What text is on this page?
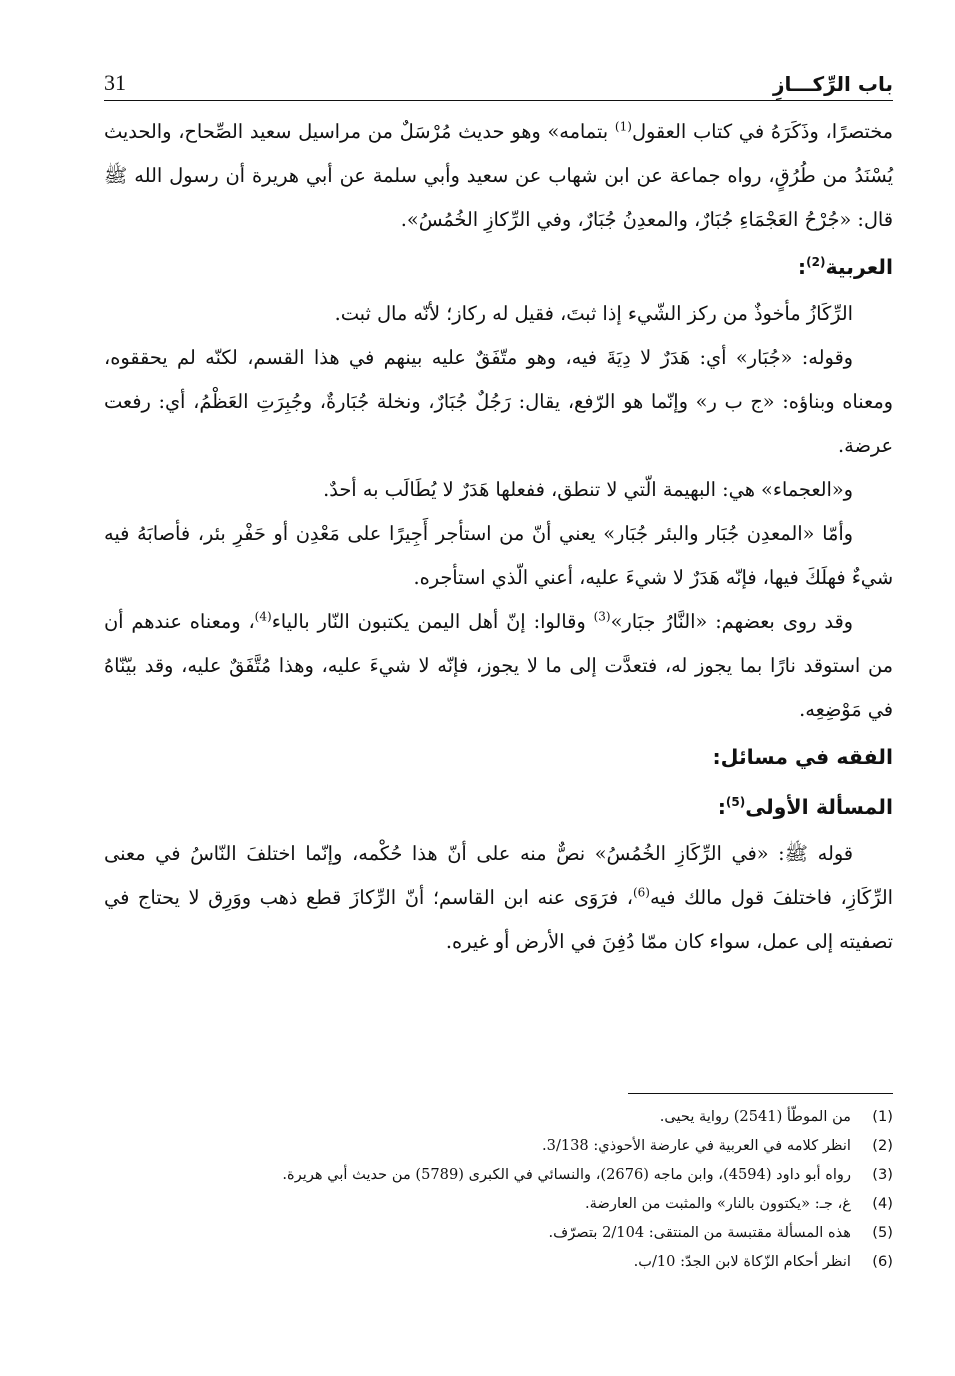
باب الرِّكـــازِ
31

مختصرًا، وذَكَرَهُ في كتاب العقول$^{(1)}$ بتمامه» وهو حديث مُرْسَلٌ من مراسيل سعيد الصِّحاح، والحديث يُسْنَدُ من طُرُقٍ، رواه جماعة عن ابن شهاب عن سعيد وأبي سلمة عن أبي هريرة أن رسول الله ﷺ قال: «جُرْحُ العَجْمَاءِ جُبَارٌ، والمعدِنُ جُبَارٌ، وفي الرِّكازِ الخُمُسُ».

العربية$^{(2)}$:

الرِّكَازُ مأخوذٌ من ركز الشّيء إذا ثبتَ، فقيل له ركاز؛ لأنّه مال ثبت.

وقوله: «جُبَار» أي: هَدَرٌ لا دِيَةَ فيه، وهو متّفَقٌ عليه بينهم في هذا القسم، لكنّه لم يحققوه، ومعناه وبناؤه: «ج ب ر» وإنّما هو الرّفع، يقال: رَجُلٌ جُبَارٌ، ونخلة جُبَارةٌ، وجُبِرَتِ العَظْمُ، أي: رفعت عرضة.

و«العجماء» هي: البهيمة الّتي لا تنطق، ففعلها هَدَرٌ لا يُطَالَب به أحدٌ.

وأمّا «المعدِن جُبَار والبئر جُبَار» يعني أنّ من استأجر أَجِيرًا على مَعْدِن أو حَفْرِ بئر، فأصابَهُ فيه شيءٌ فهلَكَ فيها، فإنّه هَدَرٌ لا شيءَ عليه، أعني الّذي استأجره.

وقد روى بعضهم: «النَّارُ جبَار»$^{(3)}$ وقالوا: إنّ أهل اليمن يكتبون النّار بالياء$^{(4)}$، ومعناه عندهم أن من استوقد نارًا بما يجوز له، فتعدَّت إلى ما لا يجوز، فإنّه لا شيءَ عليه، وهذا مُتَّفَقٌ عليه، وقد بيّنّاهُ في مَوْضِعِه.

الفقه في مسائل:

المسألة الأولى$^{(5)}$:

قوله ﷺ: «في الرِّكَازِ الخُمُسُ» نصٌّ منه على أنّ هذا حُكْمه، وإنّما اختلفَ النّاسُ في معنى الرِّكَازِ، فاختلفَ قول مالك فيه$^{(6)}$، فرَوَى عنه ابن القاسم؛ أنّ الرِّكازَ قطع ذهب ووَرِق لا يحتاج في تصفيته إلى عمل، سواء كان ممّا دُفِنَ في الأرض أو غيره.

(1)
من الموطّأ (2541) رواية يحيى.
(2)
انظر كلامه في العربية في عارضة الأحوذي: 3/138.
(3)
رواه أبو داود (4594)، وابن ماجه (2676)، والنسائي في الكبرى (5789) من حديث أبي هريرة.
(4)
غ، جـ: «يكتوون بالنار» والمثبت من العارضة.
(5)
هذه المسألة مقتبسة من المنتقى: 2/104 بتصرّف.
(6)
انظر أحكام الزّكاة لابن الجدّ: 10/ب.
